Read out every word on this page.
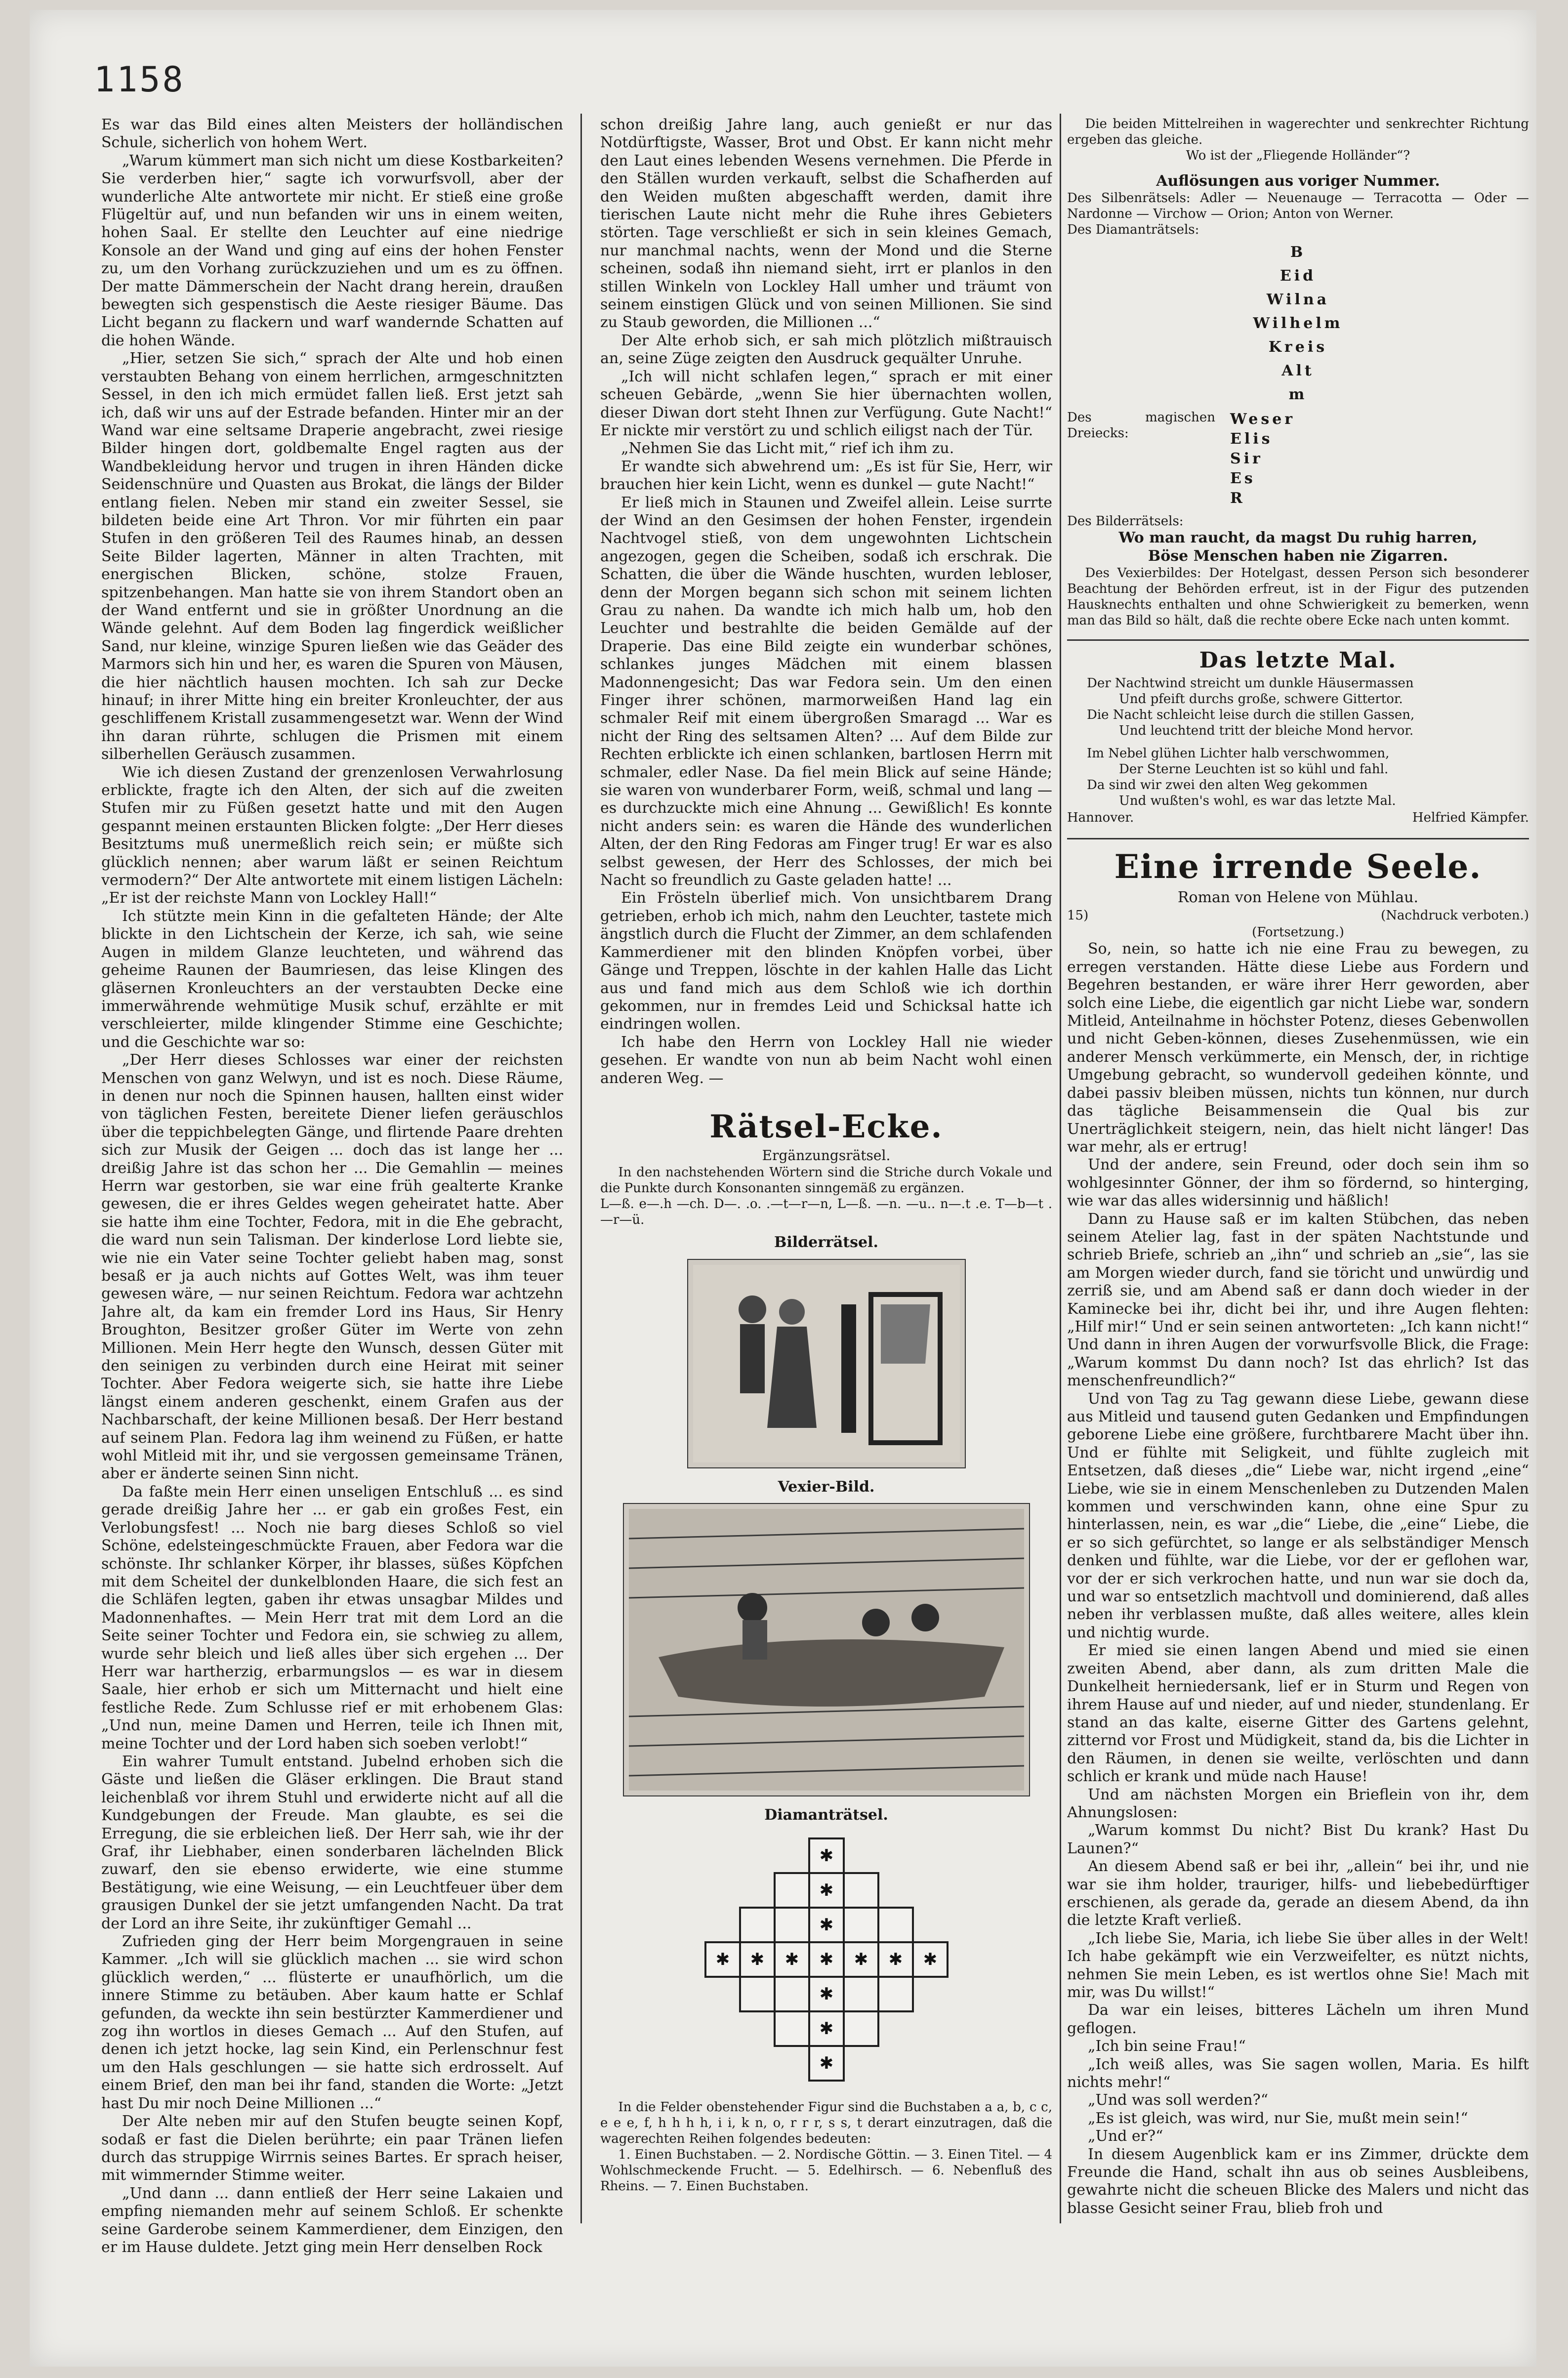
1158

Es war das Bild eines alten Meisters der holländischen Schule, sicherlich von hohem Wert.

„Warum kümmert man sich nicht um diese Kostbarkeiten? Sie verderben hier,“ sagte ich vorwurfsvoll, aber der wunderliche Alte antwortete mir nicht. Er stieß eine große Flügeltür auf, und nun befanden wir uns in einem weiten, hohen Saal. Er stellte den Leuchter auf eine niedrige Konsole an der Wand und ging auf eins der hohen Fenster zu, um den Vorhang zurückzuziehen und um es zu öffnen. Der matte Dämmerschein der Nacht drang herein, draußen bewegten sich gespenstisch die Aeste riesiger Bäume. Das Licht begann zu flackern und warf wandernde Schatten auf die hohen Wände.

„Hier, setzen Sie sich,“ sprach der Alte und hob einen verstaubten Behang von einem herrlichen, armgeschnitzten Sessel, in den ich mich ermüdet fallen ließ. Erst jetzt sah ich, daß wir uns auf der Estrade befanden. Hinter mir an der Wand war eine seltsame Draperie angebracht, zwei riesige Bilder hingen dort, goldbemalte Engel ragten aus der Wandbekleidung hervor und trugen in ihren Händen dicke Seidenschnüre und Quasten aus Brokat, die längs der Bilder entlang fielen. Neben mir stand ein zweiter Sessel, sie bildeten beide eine Art Thron. Vor mir führten ein paar Stufen in den größeren Teil des Raumes hinab, an dessen Seite Bilder lagerten, Männer in alten Trachten, mit energischen Blicken, schöne, stolze Frauen, spitzenbehangen. Man hatte sie von ihrem Standort oben an der Wand entfernt und sie in größter Unordnung an die Wände gelehnt. Auf dem Boden lag fingerdick weißlicher Sand, nur kleine, winzige Spuren ließen wie das Geäder des Marmors sich hin und her, es waren die Spuren von Mäusen, die hier nächtlich hausen mochten. Ich sah zur Decke hinauf; in ihrer Mitte hing ein breiter Kronleuchter, der aus geschliffenem Kristall zusammengesetzt war. Wenn der Wind ihn daran rührte, schlugen die Prismen mit einem silberhellen Geräusch zusammen.

Wie ich diesen Zustand der grenzenlosen Verwahrlosung erblickte, fragte ich den Alten, der sich auf die zweiten Stufen mir zu Füßen gesetzt hatte und mit den Augen gespannt meinen erstaunten Blicken folgte: „Der Herr dieses Besitztums muß unermeßlich reich sein; er müßte sich glücklich nennen; aber warum läßt er seinen Reichtum vermodern?“ Der Alte antwortete mit einem listigen Lächeln: „Er ist der reichste Mann von Lockley Hall!“

Ich stützte mein Kinn in die gefalteten Hände; der Alte blickte in den Lichtschein der Kerze, ich sah, wie seine Augen in mildem Glanze leuchteten, und während das geheime Raunen der Baumriesen, das leise Klingen des gläsernen Kronleuchters an der verstaubten Decke eine immerwährende wehmütige Musik schuf, erzählte er mit verschleierter, milde klingender Stimme eine Geschichte; und die Geschichte war so:

„Der Herr dieses Schlosses war einer der reichsten Menschen von ganz Welwyn, und ist es noch. Diese Räume, in denen nur noch die Spinnen hausen, hallten einst wider von täglichen Festen, bereitete Diener liefen geräuschlos über die teppichbelegten Gänge, und flirtende Paare drehten sich zur Musik der Geigen ... doch das ist lange her ... dreißig Jahre ist das schon her ... Die Gemahlin — meines Herrn war gestorben, sie war eine früh gealterte Kranke gewesen, die er ihres Geldes wegen geheiratet hatte. Aber sie hatte ihm eine Tochter, Fedora, mit in die Ehe gebracht, die ward nun sein Talisman. Der kinderlose Lord liebte sie, wie nie ein Vater seine Tochter geliebt haben mag, sonst besaß er ja auch nichts auf Gottes Welt, was ihm teuer gewesen wäre, — nur seinen Reichtum. Fedora war achtzehn Jahre alt, da kam ein fremder Lord ins Haus, Sir Henry Broughton, Besitzer großer Güter im Werte von zehn Millionen. Mein Herr hegte den Wunsch, dessen Güter mit den seinigen zu verbinden durch eine Heirat mit seiner Tochter. Aber Fedora weigerte sich, sie hatte ihre Liebe längst einem anderen geschenkt, einem Grafen aus der Nachbarschaft, der keine Millionen besaß. Der Herr bestand auf seinem Plan. Fedora lag ihm weinend zu Füßen, er hatte wohl Mitleid mit ihr, und sie vergossen gemeinsame Tränen, aber er änderte seinen Sinn nicht.

Da faßte mein Herr einen unseligen Entschluß ... es sind gerade dreißig Jahre her ... er gab ein großes Fest, ein Verlobungsfest! ... Noch nie barg dieses Schloß so viel Schöne, edelsteingeschmückte Frauen, aber Fedora war die schönste. Ihr schlanker Körper, ihr blasses, süßes Köpfchen mit dem Scheitel der dunkelblonden Haare, die sich fest an die Schläfen legten, gaben ihr etwas unsagbar Mildes und Madonnenhaftes. — Mein Herr trat mit dem Lord an die Seite seiner Tochter und Fedora ein, sie schwieg zu allem, wurde sehr bleich und ließ alles über sich ergehen ... Der Herr war hartherzig, erbarmungslos — es war in diesem Saale, hier erhob er sich um Mitternacht und hielt eine festliche Rede. Zum Schlusse rief er mit erhobenem Glas: „Und nun, meine Damen und Herren, teile ich Ihnen mit, meine Tochter und der Lord haben sich soeben verlobt!“

Ein wahrer Tumult entstand. Jubelnd erhoben sich die Gäste und ließen die Gläser erklingen. Die Braut stand leichenblaß vor ihrem Stuhl und erwiderte nicht auf all die Kundgebungen der Freude. Man glaubte, es sei die Erregung, die sie erbleichen ließ. Der Herr sah, wie ihr der Graf, ihr Liebhaber, einen sonderbaren lächelnden Blick zuwarf, den sie ebenso erwiderte, wie eine stumme Bestätigung, wie eine Weisung, — ein Leuchtfeuer über dem grausigen Dunkel der sie jetzt umfangenden Nacht. Da trat der Lord an ihre Seite, ihr zukünftiger Gemahl ...

Zufrieden ging der Herr beim Morgengrauen in seine Kammer. „Ich will sie glücklich machen ... sie wird schon glücklich werden,“ ... flüsterte er unaufhörlich, um die innere Stimme zu betäuben. Aber kaum hatte er Schlaf gefunden, da weckte ihn sein bestürzter Kammerdiener und zog ihn wortlos in dieses Gemach ... Auf den Stufen, auf denen ich jetzt hocke, lag sein Kind, ein Perlenschnur fest um den Hals geschlungen — sie hatte sich erdrosselt. Auf einem Brief, den man bei ihr fand, standen die Worte: „Jetzt hast Du mir noch Deine Millionen ...“

Der Alte neben mir auf den Stufen beugte seinen Kopf, sodaß er fast die Dielen berührte; ein paar Tränen liefen durch das struppige Wirrnis seines Bartes. Er sprach heiser, mit wimmernder Stimme weiter.

„Und dann ... dann entließ der Herr seine Lakaien und empfing niemanden mehr auf seinem Schloß. Er schenkte seine Garderobe seinem Kammerdiener, dem Einzigen, den er im Hause duldete. Jetzt ging mein Herr denselben Rock

schon dreißig Jahre lang, auch genießt er nur das Notdürftigste, Wasser, Brot und Obst. Er kann nicht mehr den Laut eines lebenden Wesens vernehmen. Die Pferde in den Ställen wurden verkauft, selbst die Schafherden auf den Weiden mußten abgeschafft werden, damit ihre tierischen Laute nicht mehr die Ruhe ihres Gebieters störten. Tage verschließt er sich in sein kleines Gemach, nur manchmal nachts, wenn der Mond und die Sterne scheinen, sodaß ihn niemand sieht, irrt er planlos in den stillen Winkeln von Lockley Hall umher und träumt von seinem einstigen Glück und von seinen Millionen. Sie sind zu Staub geworden, die Millionen ...“

Der Alte erhob sich, er sah mich plötzlich mißtrauisch an, seine Züge zeigten den Ausdruck gequälter Unruhe.

„Ich will nicht schlafen legen,“ sprach er mit einer scheuen Gebärde, „wenn Sie hier übernachten wollen, dieser Diwan dort steht Ihnen zur Verfügung. Gute Nacht!“ Er nickte mir verstört zu und schlich eiligst nach der Tür.

„Nehmen Sie das Licht mit,“ rief ich ihm zu.

Er wandte sich abwehrend um: „Es ist für Sie, Herr, wir brauchen hier kein Licht, wenn es dunkel — gute Nacht!“

Er ließ mich in Staunen und Zweifel allein. Leise surrte der Wind an den Gesimsen der hohen Fenster, irgendein Nachtvogel stieß, von dem ungewohnten Lichtschein angezogen, gegen die Scheiben, sodaß ich erschrak. Die Schatten, die über die Wände huschten, wurden lebloser, denn der Morgen begann sich schon mit seinem lichten Grau zu nahen. Da wandte ich mich halb um, hob den Leuchter und bestrahlte die beiden Gemälde auf der Draperie. Das eine Bild zeigte ein wunderbar schönes, schlankes junges Mädchen mit einem blassen Madonnengesicht; Das war Fedora sein. Um den einen Finger ihrer schönen, marmorweißen Hand lag ein schmaler Reif mit einem übergroßen Smaragd ... War es nicht der Ring des seltsamen Alten? ... Auf dem Bilde zur Rechten erblickte ich einen schlanken, bartlosen Herrn mit schmaler, edler Nase. Da fiel mein Blick auf seine Hände; sie waren von wunderbarer Form, weiß, schmal und lang — es durchzuckte mich eine Ahnung ... Gewißlich! Es konnte nicht anders sein: es waren die Hände des wunderlichen Alten, der den Ring Fedoras am Finger trug! Er war es also selbst gewesen, der Herr des Schlosses, der mich bei Nacht so freundlich zu Gaste geladen hatte! ...

Ein Frösteln überlief mich. Von unsichtbarem Drang getrieben, erhob ich mich, nahm den Leuchter, tastete mich ängstlich durch die Flucht der Zimmer, an dem schlafenden Kammerdiener mit den blinden Knöpfen vorbei, über Gänge und Treppen, löschte in der kahlen Halle das Licht aus und fand mich aus dem Schloß wie ich dorthin gekommen, nur in fremdes Leid und Schicksal hatte ich eindringen wollen.

Ich habe den Herrn von Lockley Hall nie wieder gesehen. Er wandte von nun ab beim Nacht wohl einen anderen Weg. —

Rätsel-Ecke.
Ergänzungsrätsel.

In den nachstehenden Wörtern sind die Striche durch Vokale und die Punkte durch Konsonanten sinngemäß zu ergänzen.

L—ß. e—.h —ch. D—. .o. .—t—r—n, L—ß. —n. —u.. n—.t .e. T—b—t .—r—ü.

Bilderrätsel.
Vexier-Bild.
Diamanträtsel.
✱
✱
✱
✱ ✱ ✱ ✱ ✱ ✱ ✱
✱
✱
✱

In die Felder obenstehender Figur sind die Buchstaben a a, b, c c, e e e, f, h h h h, i i, k n, o, r r r, s s, t derart einzutragen, daß die wagerechten Reihen folgendes bedeuten:

1. Einen Buchstaben. — 2. Nordische Göttin. — 3. Einen Titel. — 4 Wohlschmeckende Frucht. — 5. Edelhirsch. — 6. Nebenfluß des Rheins. — 7. Einen Buchstaben.

Die beiden Mittelreihen in wagerechter und senkrechter Richtung ergeben das gleiche.

Wo ist der „Fliegende Holländer“?

Auflösungen aus voriger Nummer.

Des Silbenrätsels: Adler — Neuenauge — Terracotta — Oder — Nardonne — Virchow — Orion; Anton von Werner.

Des Diamanträtsels:

B
Eid
Wilna
Wilhelm
Kreis
Alt
m

Des magischen Dreiecks:

Weser
Elis
Sir
Es
R

Des Bilderrätsels:

Wo man raucht, da magst Du ruhig harren,

Böse Menschen haben nie Zigarren.

Des Vexierbildes: Der Hotelgast, dessen Person sich besonderer Beachtung der Behörden erfreut, ist in der Figur des putzenden Hausknechts enthalten und ohne Schwierigkeit zu bemerken, wenn man das Bild so hält, daß die rechte obere Ecke nach unten kommt.

Das letzte Mal.

Der Nachtwind streicht um dunkle Häusermassen

Und pfeift durchs große, schwere Gittertor.

Die Nacht schleicht leise durch die stillen Gassen,

Und leuchtend tritt der bleiche Mond hervor.

Im Nebel glühen Lichter halb verschwommen,

Der Sterne Leuchten ist so kühl und fahl.

Da sind wir zwei den alten Weg gekommen

Und wußten's wohl, es war das letzte Mal.

Hannover.	Helfried Kämpfer.
Eine irrende Seele.
Roman von Helene von Mühlau.
15)	(Nachdruck verboten.)
(Fortsetzung.)

So, nein, so hatte ich nie eine Frau zu bewegen, zu erregen verstanden. Hätte diese Liebe aus Fordern und Begehren bestanden, er wäre ihrer Herr geworden, aber solch eine Liebe, die eigentlich gar nicht Liebe war, sondern Mitleid, Anteilnahme in höchster Potenz, dieses Gebenwollen und nicht Geben-können, dieses Zusehenmüssen, wie ein anderer Mensch verkümmerte, ein Mensch, der, in richtige Umgebung gebracht, so wundervoll gedeihen könnte, und dabei passiv bleiben müssen, nichts tun können, nur durch das tägliche Beisammensein die Qual bis zur Unerträglichkeit steigern, nein, das hielt nicht länger! Das war mehr, als er ertrug!

Und der andere, sein Freund, oder doch sein ihm so wohlgesinnter Gönner, der ihm so fördernd, so hinterging, wie war das alles widersinnig und häßlich!

Dann zu Hause saß er im kalten Stübchen, das neben seinem Atelier lag, fast in der späten Nachtstunde und schrieb Briefe, schrieb an „ihn“ und schrieb an „sie“, las sie am Morgen wieder durch, fand sie töricht und unwürdig und zerriß sie, und am Abend saß er dann doch wieder in der Kaminecke bei ihr, dicht bei ihr, und ihre Augen flehten: „Hilf mir!“ Und er sein seinen antworteten: „Ich kann nicht!“ Und dann in ihren Augen der vorwurfsvolle Blick, die Frage: „Warum kommst Du dann noch? Ist das ehrlich? Ist das menschenfreundlich?“

Und von Tag zu Tag gewann diese Liebe, gewann diese aus Mitleid und tausend guten Gedanken und Empfindungen geborene Liebe eine größere, furchtbarere Macht über ihn. Und er fühlte mit Seligkeit, und fühlte zugleich mit Entsetzen, daß dieses „die“ Liebe war, nicht irgend „eine“ Liebe, wie sie in einem Menschenleben zu Dutzenden Malen kommen und verschwinden kann, ohne eine Spur zu hinterlassen, nein, es war „die“ Liebe, die „eine“ Liebe, die er so sich gefürchtet, so lange er als selbständiger Mensch denken und fühlte, war die Liebe, vor der er geflohen war, vor der er sich verkrochen hatte, und nun war sie doch da, und war so entsetzlich machtvoll und dominierend, daß alles neben ihr verblassen mußte, daß alles weitere, alles klein und nichtig wurde.

Er mied sie einen langen Abend und mied sie einen zweiten Abend, aber dann, als zum dritten Male die Dunkelheit herniedersank, lief er in Sturm und Regen von ihrem Hause auf und nieder, auf und nieder, stundenlang. Er stand an das kalte, eiserne Gitter des Gartens gelehnt, zitternd vor Frost und Müdigkeit, stand da, bis die Lichter in den Räumen, in denen sie weilte, verlöschten und dann schlich er krank und müde nach Hause!

Und am nächsten Morgen ein Brieflein von ihr, dem Ahnungslosen:

„Warum kommst Du nicht? Bist Du krank? Hast Du Launen?“

An diesem Abend saß er bei ihr, „allein“ bei ihr, und nie war sie ihm holder, trauriger, hilfs- und liebebedürftiger erschienen, als gerade da, gerade an diesem Abend, da ihn die letzte Kraft verließ.

„Ich liebe Sie, Maria, ich liebe Sie über alles in der Welt! Ich habe gekämpft wie ein Verzweifelter, es nützt nichts, nehmen Sie mein Leben, es ist wertlos ohne Sie! Mach mit mir, was Du willst!“

Da war ein leises, bitteres Lächeln um ihren Mund geflogen.

„Ich bin seine Frau!“

„Ich weiß alles, was Sie sagen wollen, Maria. Es hilft nichts mehr!“

„Und was soll werden?“

„Es ist gleich, was wird, nur Sie, mußt mein sein!“

„Und er?“

In diesem Augenblick kam er ins Zimmer, drückte dem Freunde die Hand, schalt ihn aus ob seines Ausbleibens, gewahrte nicht die scheuen Blicke des Malers und nicht das blasse Gesicht seiner Frau, blieb froh und
